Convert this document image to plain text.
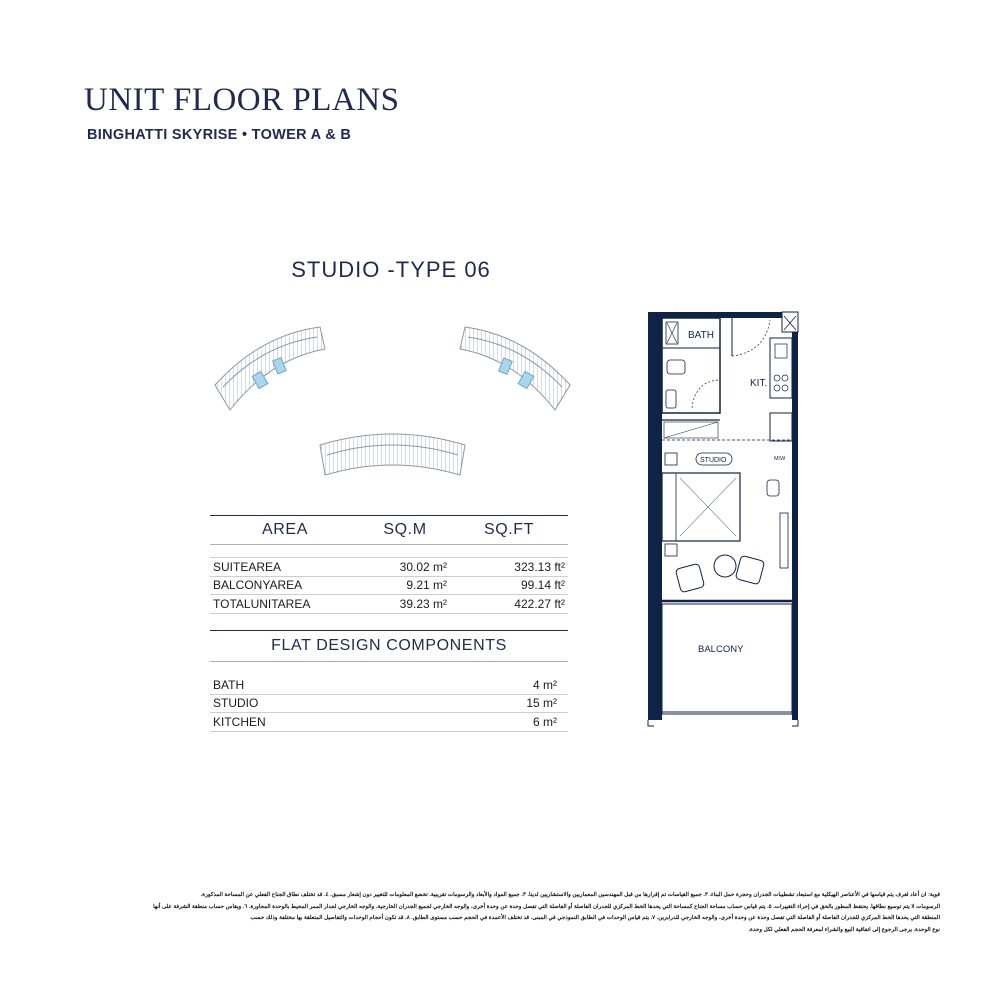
UNIT FLOOR PLANS
BINGHATTI SKYRISE • TOWER A & B
STUDIO -TYPE 06
AREA	SQ.M	SQ.FT
SUITEAREA	30.02 m²	323.13 ft²
BALCONYAREA	9.21 m²	99.14 ft²
TOTALUNITAREA	39.23 m²	422.27 ft²
FLAT DESIGN COMPONENTS
BATH	4 m²
STUDIO	15 m²
KITCHEN	6 m²
BATH
KIT.
STUDIO	M/W
BALCONY

قوية: ان أعاد لغرف يتم قياسها في الأعناصر الهيكلية مع استبعاد تشطيبات الجدران وحجرة حمل البناء. ٣. جميع القياسات تم إقرارها من قبل المهندسين المعماريين والاستشاريين لدينا. ٣. جميع المواد والأبعاد والرسومات تقريبية. تخضع المعلومات للتغيير دون إشعار مسبق. ٤. قد تختلف نطاق الجناح الفعلي عن المساحة المذكورة.

الرسومات لا يتم توسيع نطاقها. يحتفظ المطور بالحق في إجراء التغييرات. ٥. يتم قياس حساب مساحة الجناح كمساحة التي يحدها الخط المركزي للجدران الفاصلة أو الفاصلة التي تفصل وحدة عن وحدة أخرى، والوجه الخارجي لجميع الجدران الخارجية، والوجه الخارجي لجدار الممر المحيط بالوحدة المجاورة. ٦. ويقاس حساب منطقة الشرفة على أنها

المنطقة التي يحدها الخط المركزي للجدران الفاصلة أو الفاصلة التي تفصل وحدة عن وحدة أخرى، والوجه الخارجي للدرابزين. ٧. يتم قياس الوحدات في الطابق النموذجي في المبنى. قد تختلف الأعمدة في الحجم حسب مستوى الطابق. ٨. قد تكون أحجام الوحدات والتفاصيل المتعلقة بها مختلفة وذلك حسب

نوع الوحدة. يرجى الرجوع إلى اتفاقية البيع والشراء لمعرفة الحجم الفعلي لكل وحدة.
